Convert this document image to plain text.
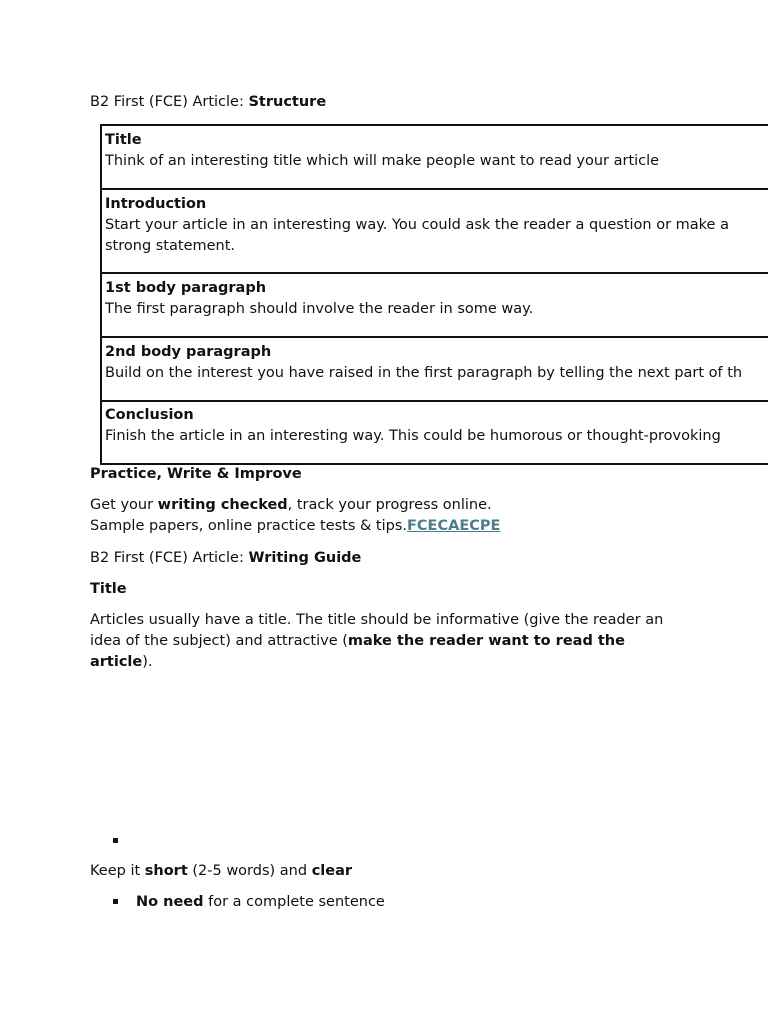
B2 First (FCE) Article: Structure

Title
Think of an interesting title which will make people want to read your article
Introduction
Start your article in an interesting way. You could ask the reader a question or make a strong statement.
1st body paragraph
The first paragraph should involve the reader in some way.
2nd body paragraph
Build on the interest you have raised in the first paragraph by telling the next part of th
Conclusion
Finish the article in an interesting way. This could be humorous or thought-provoking

Practice, Write & Improve

Get your writing checked, track your progress online.

Sample papers, online practice tests & tips.FCECAECPE

B2 First (FCE) Article: Writing Guide

Title

Articles usually have a title. The title should be informative (give the reader an idea of the subject) and attractive (make the reader want to read the article).

Keep it short (2-5 words) and clear

No need for a complete sentence
